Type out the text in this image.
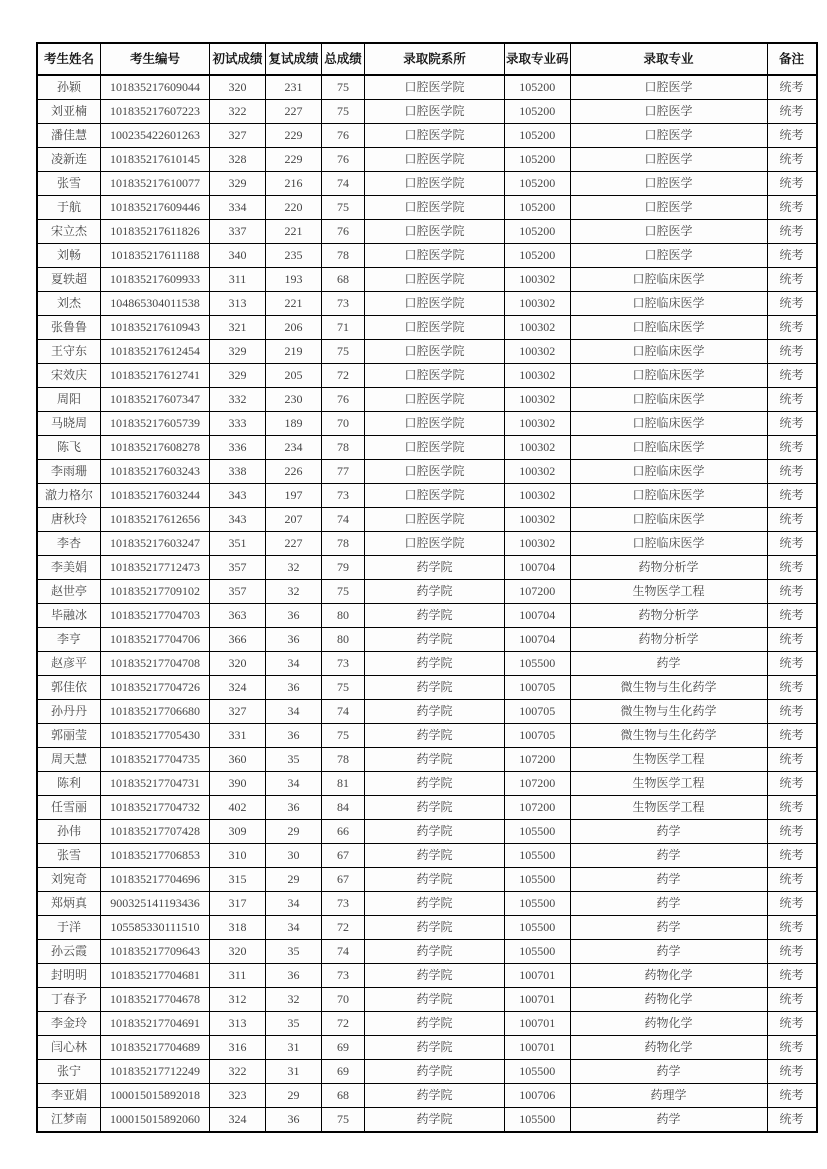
考生姓名	考生编号	初试成绩	复试成绩	总成绩	录取院系所	录取专业码	录取专业	备注
孙颖	101835217609044	320	231	75	口腔医学院	105200	口腔医学	统考
刘亚楠	101835217607223	322	227	75	口腔医学院	105200	口腔医学	统考
潘佳慧	100235422601263	327	229	76	口腔医学院	105200	口腔医学	统考
凌新连	101835217610145	328	229	76	口腔医学院	105200	口腔医学	统考
张雪	101835217610077	329	216	74	口腔医学院	105200	口腔医学	统考
于航	101835217609446	334	220	75	口腔医学院	105200	口腔医学	统考
宋立杰	101835217611826	337	221	76	口腔医学院	105200	口腔医学	统考
刘畅	101835217611188	340	235	78	口腔医学院	105200	口腔医学	统考
夏轶超	101835217609933	311	193	68	口腔医学院	100302	口腔临床医学	统考
刘杰	104865304011538	313	221	73	口腔医学院	100302	口腔临床医学	统考
张鲁鲁	101835217610943	321	206	71	口腔医学院	100302	口腔临床医学	统考
王守东	101835217612454	329	219	75	口腔医学院	100302	口腔临床医学	统考
宋效庆	101835217612741	329	205	72	口腔医学院	100302	口腔临床医学	统考
周阳	101835217607347	332	230	76	口腔医学院	100302	口腔临床医学	统考
马晓周	101835217605739	333	189	70	口腔医学院	100302	口腔临床医学	统考
陈飞	101835217608278	336	234	78	口腔医学院	100302	口腔临床医学	统考
李雨珊	101835217603243	338	226	77	口腔医学院	100302	口腔临床医学	统考
澈力格尔	101835217603244	343	197	73	口腔医学院	100302	口腔临床医学	统考
唐秋玲	101835217612656	343	207	74	口腔医学院	100302	口腔临床医学	统考
李杏	101835217603247	351	227	78	口腔医学院	100302	口腔临床医学	统考
李美娟	101835217712473	357	32	79	药学院	100704	药物分析学	统考
赵世亭	101835217709102	357	32	75	药学院	107200	生物医学工程	统考
毕融冰	101835217704703	363	36	80	药学院	100704	药物分析学	统考
李亨	101835217704706	366	36	80	药学院	100704	药物分析学	统考
赵彦平	101835217704708	320	34	73	药学院	105500	药学	统考
郭佳依	101835217704726	324	36	75	药学院	100705	微生物与生化药学	统考
孙丹丹	101835217706680	327	34	74	药学院	100705	微生物与生化药学	统考
郭丽莹	101835217705430	331	36	75	药学院	100705	微生物与生化药学	统考
周天慧	101835217704735	360	35	78	药学院	107200	生物医学工程	统考
陈利	101835217704731	390	34	81	药学院	107200	生物医学工程	统考
任雪丽	101835217704732	402	36	84	药学院	107200	生物医学工程	统考
孙伟	101835217707428	309	29	66	药学院	105500	药学	统考
张雪	101835217706853	310	30	67	药学院	105500	药学	统考
刘宛奇	101835217704696	315	29	67	药学院	105500	药学	统考
郑炳真	900325141193436	317	34	73	药学院	105500	药学	统考
于洋	105585330111510	318	34	72	药学院	105500	药学	统考
孙云霞	101835217709643	320	35	74	药学院	105500	药学	统考
封明明	101835217704681	311	36	73	药学院	100701	药物化学	统考
丁春予	101835217704678	312	32	70	药学院	100701	药物化学	统考
李金玲	101835217704691	313	35	72	药学院	100701	药物化学	统考
闫心林	101835217704689	316	31	69	药学院	100701	药物化学	统考
张宁	101835217712249	322	31	69	药学院	105500	药学	统考
李亚娟	100015015892018	323	29	68	药学院	100706	药理学	统考
江梦南	100015015892060	324	36	75	药学院	105500	药学	统考
